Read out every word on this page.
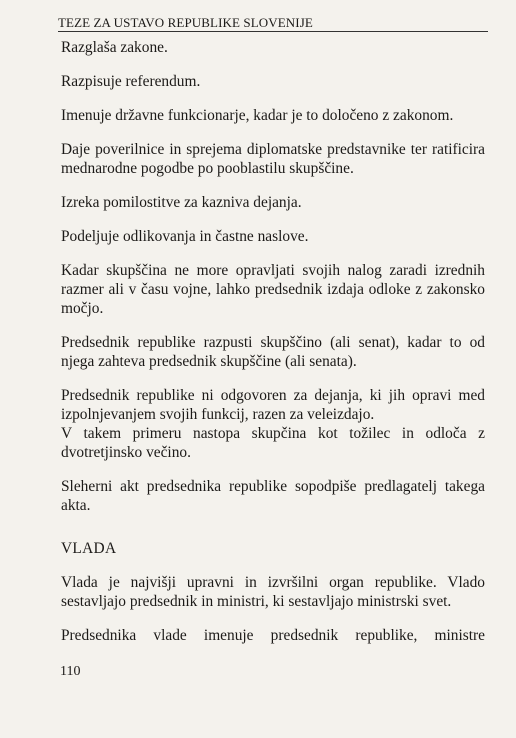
TEZE ZA USTAVO REPUBLIKE SLOVENIJE

Razglaša zakone.

Razpisuje referendum.

Imenuje državne funkcionarje, kadar je to določeno z zakonom.

Daje poverilnice in sprejema diplomatske predstavnike ter ratificira mednarodne pogodbe po pooblastilu skupščine.

Izreka pomilostitve za kazniva dejanja.

Podeljuje odlikovanja in častne naslove.

Kadar skupščina ne more opravljati svojih nalog zaradi izrednih razmer ali v času vojne, lahko predsednik izdaja odloke z zakonsko močjo.

Predsednik republike razpusti skupščino (ali senat), kadar to od njega zahteva predsednik skupščine (ali senata).

Predsednik republike ni odgovoren za dejanja, ki jih opravi med izpolnjevanjem svojih funkcij, razen za veleizdajo.

V takem primeru nastopa skupčina kot tožilec in odloča z dvotretjinsko večino.

Sleherni akt predsednika republike sopodpiše predlagatelj takega akta.

VLADA

Vlada je najvišji upravni in izvršilni organ republike. Vlado sestavljajo predsednik in ministri, ki sestavljajo ministrski svet.

Predsednika vlade imenuje predsednik republike, ministre

110
